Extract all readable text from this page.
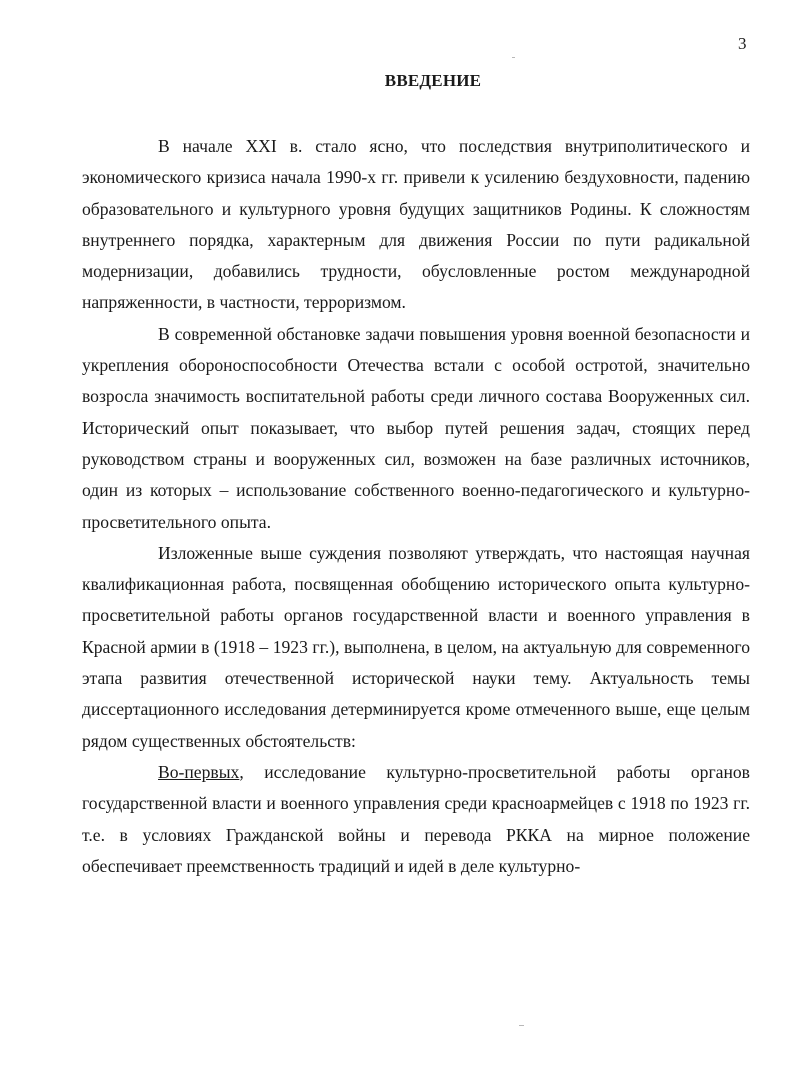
3
ВВЕДЕНИЕ

В начале XXI в. стало ясно, что последствия внутриполитического и экономического кризиса начала 1990-х гг. привели к усилению бездуховности, падению образовательного и культурного уровня будущих защитников Родины. К сложностям внутреннего порядка, характерным для движения России по пути радикальной модернизации, добавились трудности, обусловленные ростом международной напряженности, в частности, терроризмом.

В современной обстановке задачи повышения уровня военной безопасности и укрепления обороноспособности Отечества встали с особой остротой, значительно возросла значимость воспитательной работы среди личного состава Вооруженных сил. Исторический опыт показывает, что выбор путей решения задач, стоящих перед руководством страны и вооруженных сил, возможен на базе различных источников, один из которых – использование собственного военно-педагогического и культурно-просветительного опыта.

Изложенные выше суждения позволяют утверждать, что настоящая научная квалификационная работа, посвященная обобщению исторического опыта культурно-просветительной работы органов государственной власти и военного управления в Красной армии в (1918 – 1923 гг.), выполнена, в целом, на актуальную для современного этапа развития отечественной исторической науки тему. Актуальность темы диссертационного исследования детерминируется кроме отмеченного выше, еще целым рядом существенных обстоятельств:

Во-первых, исследование культурно-просветительной работы органов государственной власти и военного управления среди красноармейцев с 1918 по 1923 гг. т.е. в условиях Гражданской войны и перевода РККА на мирное положение обеспечивает преемственность традиций и идей в деле культурно-
